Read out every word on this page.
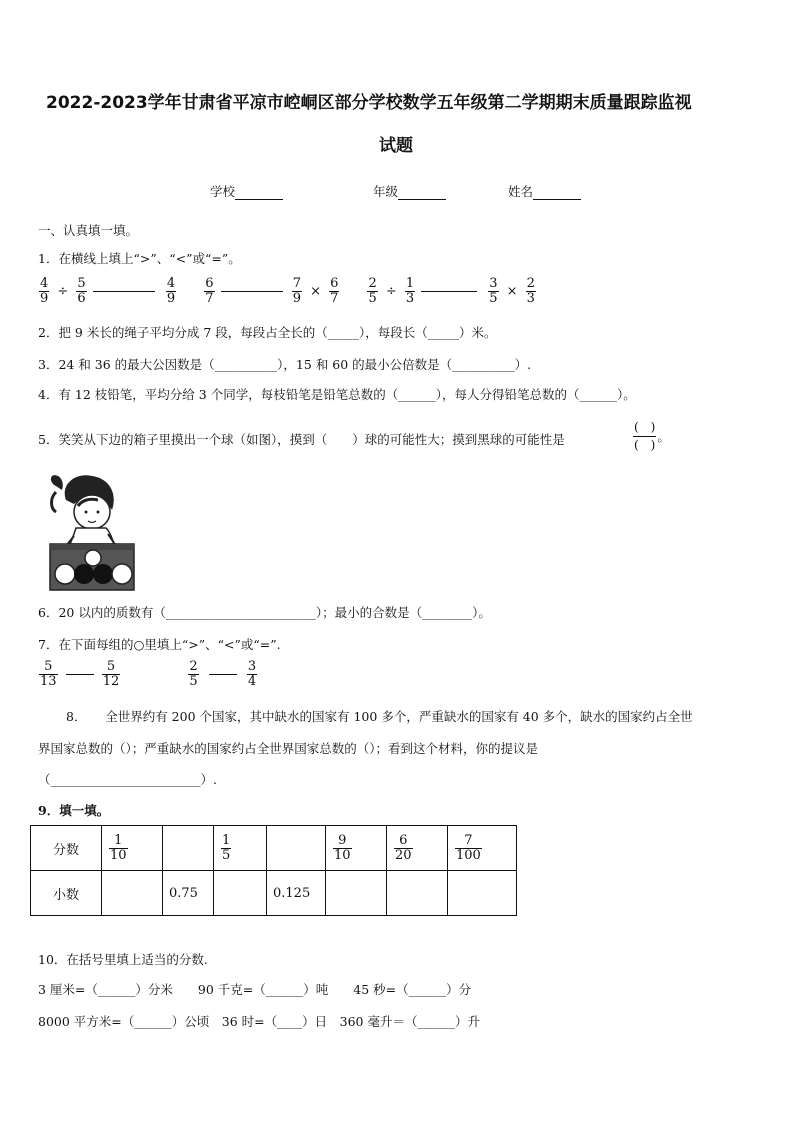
2022-2023学年甘肃省平凉市崆峒区部分学校数学五年级第二学期期末质量跟踪监视
试题
学校	年级	姓名
一、认真填一填。
1．在横线上填上“>”、“<”或“=”。
$\frac{4}{9} \div \frac{5}{6}$
	$\frac{4}{9}$
$\frac{6}{7}$
	$\frac{7}{9} \times \frac{6}{7}$
$\frac{2}{5} \div \frac{1}{3}$
	$\frac{3}{5} \times \frac{2}{3}$
2．把 9 米长的绳子平均分成 7 段，每段占全长的（_____），每段长（_____）米。
3．24 和 36 的最大公因数是（__________），15 和 60 的最小公倍数是（__________）.
4．有 12 枝铅笔，平均分给 3 个同学，每枝铅笔是铅笔总数的（______），每人分得铅笔总数的（______）。
5．笑笑从下边的箱子里摸出一个球（如图），摸到（　　）球的可能性大；摸到黑球的可能性是	$\frac{( )}{( )}$ 。
6．20 以内的质数有（________________________）；最小的合数是（________）。
7．在下面每组的○里填上“>”、“<”或“=”.
$\frac{5}{13}$
	$\frac{5}{12}$
	$\frac{2}{5}$
	$\frac{3}{4}$
8．　　全世界约有 200 个国家，其中缺水的国家有 100 多个，严重缺水的国家有 40 多个，缺水的国家约占全世
界国家总数的（）；严重缺水的国家约占全世界国家总数的（）；看到这个材料，你的提议是
（________________________）.
9．填一填。
分数	$\frac{1}{10}$		$\frac{1}{5}$		$\frac{9}{10}$	$\frac{6}{20}$	$\frac{7}{100}$

小数		0.75		0.125			
10．在括号里填上适当的分数.
3 厘米=（______）分米　　90 千克=（______）吨　　45 秒=（______）分
8000 平方米=（______）公顷　36 时=（____）日　360 毫升＝（______）升
